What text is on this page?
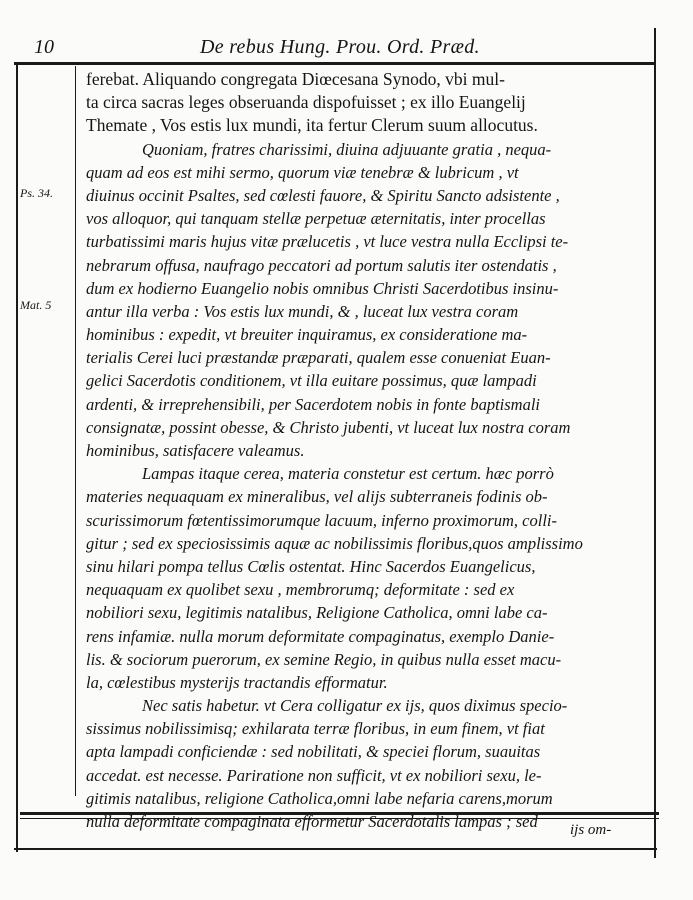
10	De rebus Hung. Prou. Ord. Præd.
Ps. 34.
Mat. 5
ferebat. Aliquando congregata Diœcesana Synodo, vbi mul-
ta circa sacras leges obseruanda dispofuisset ; ex illo Euangelij
Themate , Vos estis lux mundi, ita fertur Clerum suum allocutus.
Quoniam, fratres charissimi, diuina adjuuante gratia , nequa-
quam ad eos est mihi sermo, quorum viæ tenebræ & lubricum , vt
diuinus occinit Psaltes, sed cœlesti fauore, & Spiritu Sancto adsistente ,
vos alloquor, qui tanquam stellæ perpetuæ æternitatis, inter procellas
turbatissimi maris hujus vitæ prælucetis , vt luce vestra nulla Ecclipsi te-
nebrarum offusa, naufrago peccatori ad portum salutis iter ostendatis ,
dum ex hodierno Euangelio nobis omnibus Christi Sacerdotibus insinu-
antur illa verba : Vos estis lux mundi, & , luceat lux vestra coram
hominibus : expedit, vt breuiter inquiramus, ex consideratione ma-
terialis Cerei luci præstandæ præparati, qualem esse conueniat Euan-
gelici Sacerdotis conditionem, vt illa euitare possimus, quæ lampadi
ardenti, & irreprehensibili, per Sacerdotem nobis in fonte baptismali
consignatæ, possint obesse, & Christo jubenti, vt luceat lux nostra coram
hominibus, satisfacere valeamus.
Lampas itaque cerea, materia constetur est certum. hæc porrò
materies nequaquam ex mineralibus, vel alijs subterraneis fodinis ob-
scurissimorum fœtentissimorumque lacuum, inferno proximorum, colli-
gitur ; sed ex speciosissimis aquæ ac nobilissimis floribus,quos amplissimo
sinu hilari pompa tellus Cœlis ostentat. Hinc Sacerdos Euangelicus,
nequaquam ex quolibet sexu , membrorumq; deformitate : sed ex
nobiliori sexu, legitimis natalibus, Religione Catholica, omni labe ca-
rens infamiæ. nulla morum deformitate compaginatus, exemplo Danie-
lis. & sociorum puerorum, ex semine Regio, in quibus nulla esset macu-
la, cœlestibus mysterijs tractandis efformatur.
Nec satis habetur. vt Cera colligatur ex ijs, quos diximus specio-
sissimus nobilissimisq; exhilarata terræ floribus, in eum finem, vt fiat
apta lampadi conficiendæ : sed nobilitati, & speciei florum, suauitas
accedat. est necesse. Pariratione non sufficit, vt ex nobiliori sexu, le-
gitimis natalibus, religione Catholica,omni labe nefaria carens,morum
nulla deformitate compaginata efformetur Sacerdotalis lampas ; sed	ijs om-
